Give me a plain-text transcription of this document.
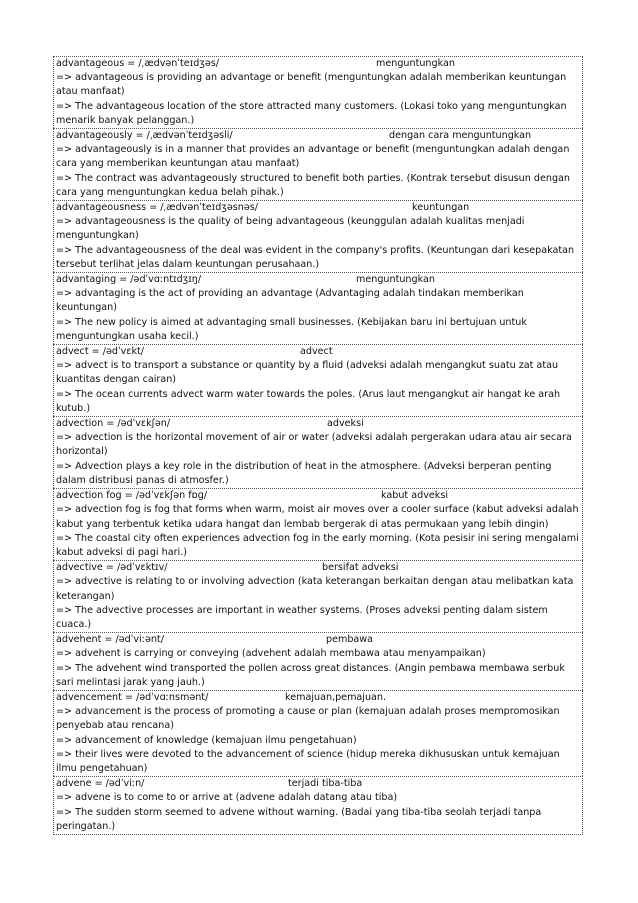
advantageous = /ˌædvənˈteɪdʒəs/	menguntungkan
=> advantageous is providing an advantage or benefit (menguntungkan adalah memberikan keuntungan atau manfaat)
=> The advantageous location of the store attracted many customers. (Lokasi toko yang menguntungkan menarik banyak pelanggan.)
advantageously = /ˌædvənˈteɪdʒəsli/	dengan cara menguntungkan
=> advantageously is in a manner that provides an advantage or benefit (menguntungkan adalah dengan cara yang memberikan keuntungan atau manfaat)
=> The contract was advantageously structured to benefit both parties. (Kontrak tersebut disusun dengan cara yang menguntungkan kedua belah pihak.)
advantageousness = /ˌædvənˈteɪdʒəsnəs/	keuntungan
=> advantageousness is the quality of being advantageous (keunggulan adalah kualitas menjadi menguntungkan)
=> The advantageousness of the deal was evident in the company's profits. (Keuntungan dari kesepakatan tersebut terlihat jelas dalam keuntungan perusahaan.)
advantaging = /ədˈvɑːntɪdʒɪŋ/	menguntungkan
=> advantaging is the act of providing an advantage (Advantaging adalah tindakan memberikan keuntungan)
=> The new policy is aimed at advantaging small businesses. (Kebijakan baru ini bertujuan untuk menguntungkan usaha kecil.)
advect = /ədˈvɛkt/	advect
=> advect is to transport a substance or quantity by a fluid (adveksi adalah mengangkut suatu zat atau kuantitas dengan cairan)
=> The ocean currents advect warm water towards the poles. (Arus laut mengangkut air hangat ke arah kutub.)
advection = /ədˈvɛkʃən/	adveksi
=> advection is the horizontal movement of air or water (adveksi adalah pergerakan udara atau air secara horizontal)
=> Advection plays a key role in the distribution of heat in the atmosphere. (Adveksi berperan penting dalam distribusi panas di atmosfer.)
advection fog = /ədˈvɛkʃən fɒɡ/	kabut adveksi
=> advection fog is fog that forms when warm, moist air moves over a cooler surface (kabut adveksi adalah kabut yang terbentuk ketika udara hangat dan lembab bergerak di atas permukaan yang lebih dingin)
=> The coastal city often experiences advection fog in the early morning. (Kota pesisir ini sering mengalami kabut adveksi di pagi hari.)
advective = /ədˈvɛktɪv/	bersifat adveksi
=> advective is relating to or involving advection (kata keterangan berkaitan dengan atau melibatkan kata keterangan)
=> The advective processes are important in weather systems. (Proses adveksi penting dalam sistem cuaca.)
advehent = /ədˈviːənt/	pembawa
=> advehent is carrying or conveying (advehent adalah membawa atau menyampaikan)
=> The advehent wind transported the pollen across great distances. (Angin pembawa membawa serbuk sari melintasi jarak yang jauh.)
advencement = /ədˈvɑːnsmənt/	kemajuan,pemajuan.
=> advancement is the process of promoting a cause or plan (kemajuan adalah proses mempromosikan penyebab atau rencana)
=> advancement of knowledge (kemajuan ilmu pengetahuan)
=> their lives were devoted to the advancement of science (hidup mereka dikhususkan untuk kemajuan ilmu pengetahuan)
advene = /ədˈviːn/	terjadi tiba-tiba
=> advene is to come to or arrive at (advene adalah datang atau tiba)
=> The sudden storm seemed to advene without warning. (Badai yang tiba-tiba seolah terjadi tanpa peringatan.)
